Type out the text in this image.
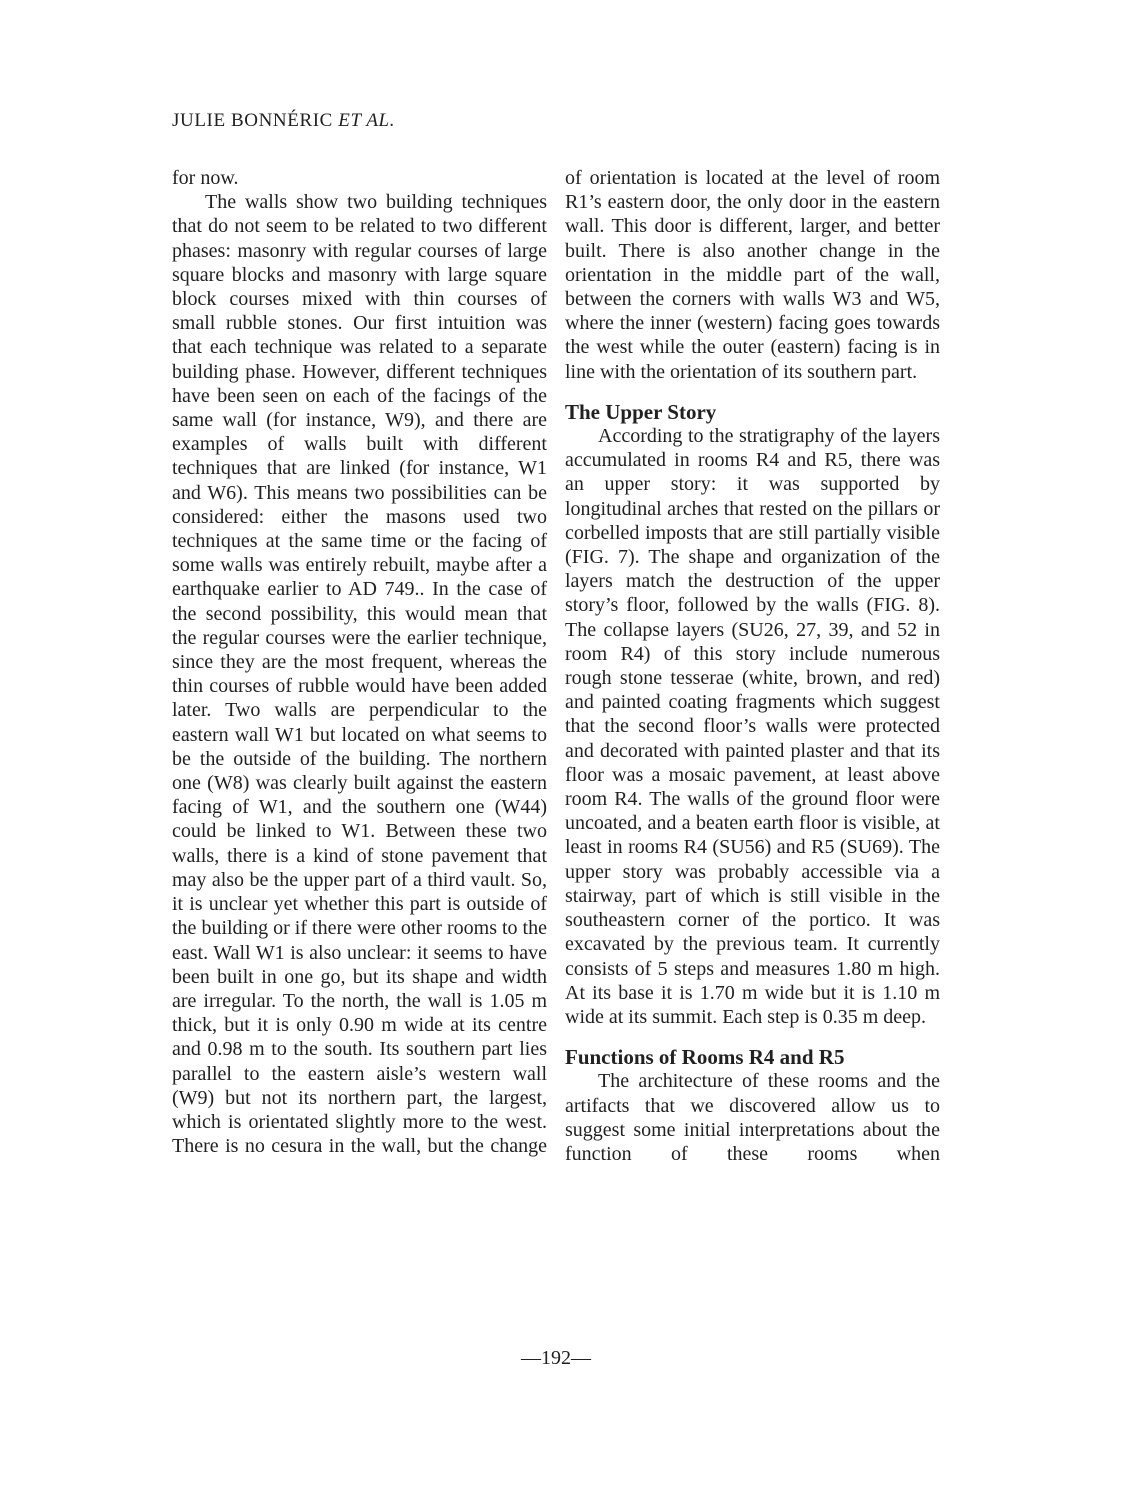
JULIE BONNÉRIC ET AL.

for now.

The walls show two building techniques that do not seem to be related to two different phases: masonry with regular courses of large square blocks and masonry with large square block courses mixed with thin courses of small rubble stones. Our first intuition was that each technique was related to a separate building phase. However, different techniques have been seen on each of the facings of the same wall (for instance, W9), and there are examples of walls built with different techniques that are linked (for instance, W1 and W6). This means two possibilities can be considered: either the masons used two techniques at the same time or the facing of some walls was entirely rebuilt, maybe after a earthquake earlier to AD 749.. In the case of the second possibility, this would mean that the regular courses were the earlier technique, since they are the most frequent, whereas the thin courses of rubble would have been added later. Two walls are perpendicular to the eastern wall W1 but located on what seems to be the outside of the building. The northern one (W8) was clearly built against the eastern facing of W1, and the southern one (W44) could be linked to W1. Between these two walls, there is a kind of stone pavement that may also be the upper part of a third vault. So, it is unclear yet whether this part is outside of the building or if there were other rooms to the east. Wall W1 is also unclear: it seems to have been built in one go, but its shape and width are irregular. To the north, the wall is 1.05 m thick, but it is only 0.90 m wide at its centre and 0.98 m to the south. Its southern part lies parallel to the eastern aisle’s western wall (W9) but not its northern part, the largest, which is orientated slightly more to the west. There is no cesura in the wall, but the change

of orientation is located at the level of room R1’s eastern door, the only door in the eastern wall. This door is different, larger, and better built. There is also another change in the orientation in the middle part of the wall, between the corners with walls W3 and W5, where the inner (western) facing goes towards the west while the outer (eastern) facing is in line with the orientation of its southern part.

The Upper Story

According to the stratigraphy of the layers accumulated in rooms R4 and R5, there was an upper story: it was supported by longitudinal arches that rested on the pillars or corbelled imposts that are still partially visible (FIG. 7). The shape and organization of the layers match the destruction of the upper story’s floor, followed by the walls (FIG. 8). The collapse layers (SU26, 27, 39, and 52 in room R4) of this story include numerous rough stone tesserae (white, brown, and red) and painted coating fragments which suggest that the second floor’s walls were protected and decorated with painted plaster and that its floor was a mosaic pavement, at least above room R4. The walls of the ground floor were uncoated, and a beaten earth floor is visible, at least in rooms R4 (SU56) and R5 (SU69). The upper story was probably accessible via a stairway, part of which is still visible in the southeastern corner of the portico. It was excavated by the previous team. It currently consists of 5 steps and measures 1.80 m high. At its base it is 1.70 m wide but it is 1.10 m wide at its summit. Each step is 0.35 m deep.

Functions of Rooms R4 and R5

The architecture of these rooms and the artifacts that we discovered allow us to suggest some initial interpretations about the function of these rooms when

—192—
